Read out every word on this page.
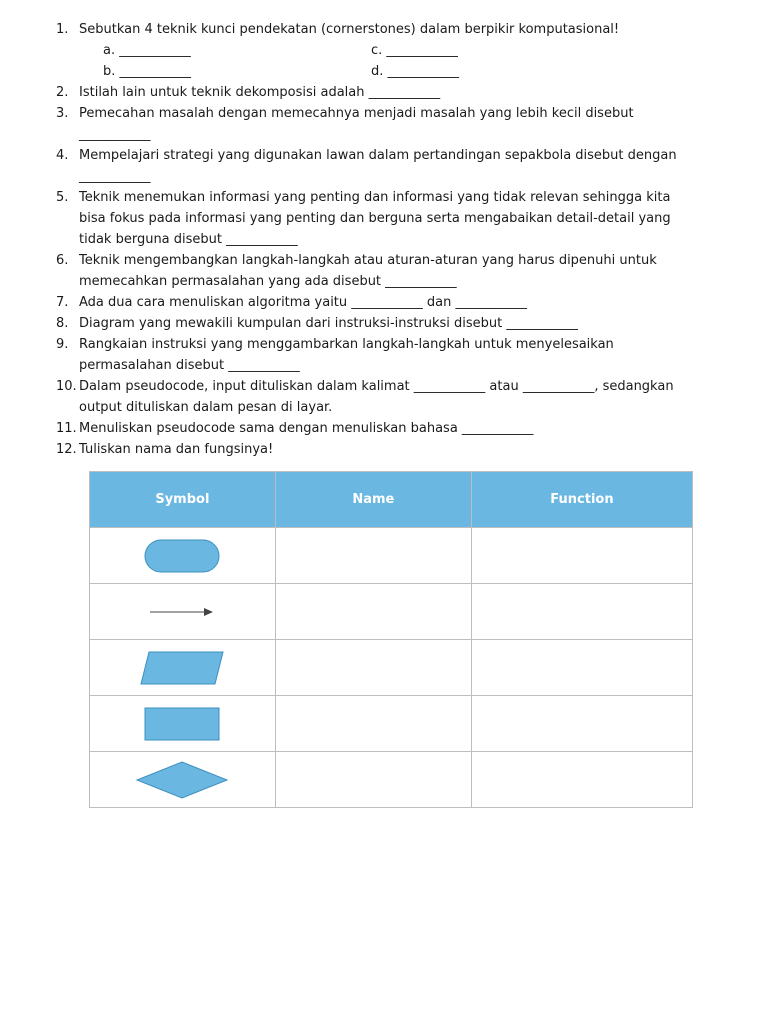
1. Sebutkan 4 teknik kunci pendekatan (cornerstones) dalam berpikir komputasional!
2. Istilah lain untuk teknik dekomposisi adalah ___________
3. Pemecahan masalah dengan memecahnya menjadi masalah yang lebih kecil disebut
___________
4. Mempelajari strategi yang digunakan lawan dalam pertandingan sepakbola disebut dengan
___________
5. Teknik menemukan informasi yang penting dan informasi yang tidak relevan sehingga kita
bisa fokus pada informasi yang penting dan berguna serta mengabaikan detail-detail yang
tidak berguna disebut ___________
6. Teknik mengembangkan langkah-langkah atau aturan-aturan yang harus dipenuhi untuk
memecahkan permasalahan yang ada disebut ___________
7. Ada dua cara menuliskan algoritma yaitu ___________ dan ___________
8. Diagram yang mewakili kumpulan dari instruksi-instruksi disebut ___________
9. Rangkaian instruksi yang menggambarkan langkah-langkah untuk menyelesaikan
permasalahan disebut ___________
10. Dalam pseudocode, input dituliskan dalam kalimat ___________ atau ___________, sedangkan
output dituliskan dalam pesan di layar.
11. Menuliskan pseudocode sama dengan menuliskan bahasa ___________
12. Tuliskan nama dan fungsinya!
a. ___________
b. ___________
c. ___________
d. ___________
Symbol	Name	Function
